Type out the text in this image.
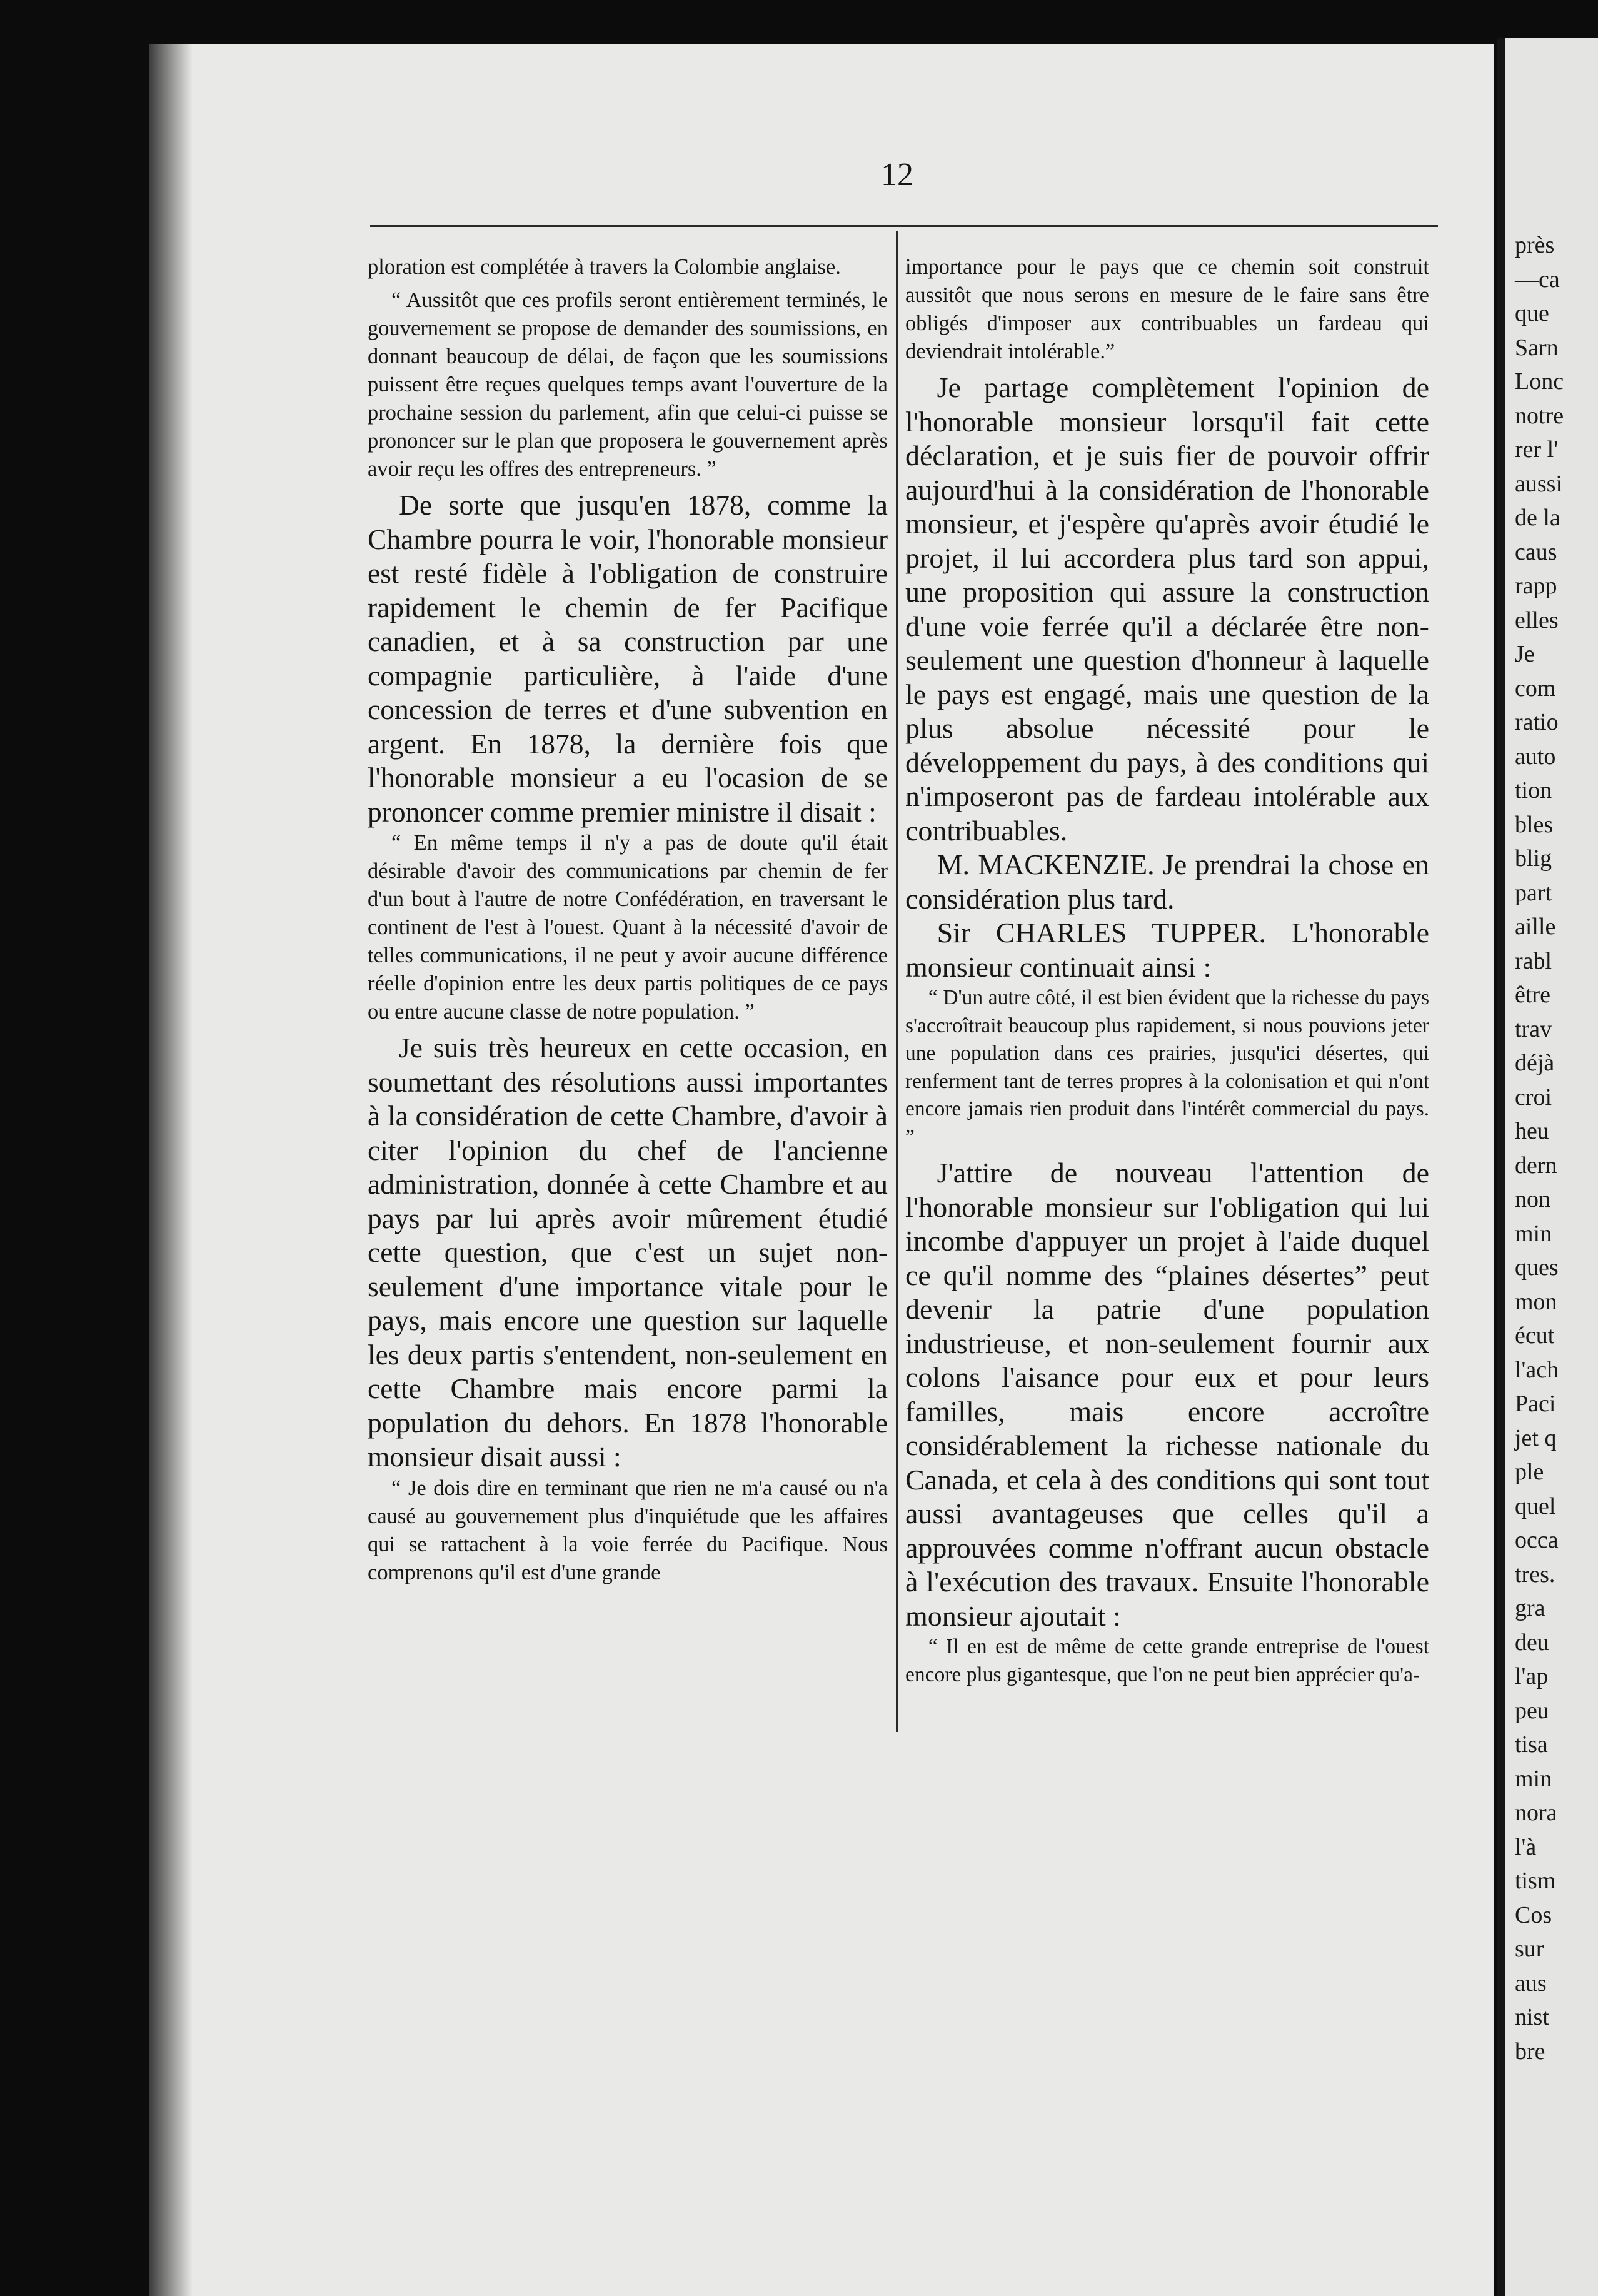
près
—ca
que
Sarn
Lonc
notre
rer l'
aussi
de la
caus
rapp
elles
Je
com
ratio
auto
tion
bles
blig
part
aille
rabl
être
trav
déjà
croi
heu
dern
non
min
ques
mon
écut
l'ach
Paci
jet q
ple
quel
occa
tres.
gra
deu
l'ap
peu
tisa
min
nora
l'à
tism
Cos
sur
aus
nist
bre
12

ploration est complétée à travers la Colombie anglaise.

“ Aussitôt que ces profils seront entièrement terminés, le gouvernement se propose de demander des soumissions, en donnant beaucoup de délai, de façon que les soumissions puissent être reçues quelques temps avant l'ouverture de la prochaine session du parlement, afin que celui-ci puisse se prononcer sur le plan que proposera le gouvernement après avoir reçu les offres des entrepreneurs. ”

De sorte que jusqu'en 1878, comme la Chambre pourra le voir, l'honorable monsieur est resté fidèle à l'obligation de construire rapidement le chemin de fer Pacifique canadien, et à sa construction par une compagnie particulière, à l'aide d'une concession de terres et d'une subvention en argent. En 1878, la dernière fois que l'honorable monsieur a eu l'ocasion de se prononcer comme premier ministre il disait :

“ En même temps il n'y a pas de doute qu'il était désirable d'avoir des communications par chemin de fer d'un bout à l'autre de notre Confédération, en traversant le continent de l'est à l'ouest. Quant à la nécessité d'avoir de telles communications, il ne peut y avoir aucune différence réelle d'opinion entre les deux partis politiques de ce pays ou entre aucune classe de notre population. ”

Je suis très heureux en cette occasion, en soumettant des résolutions aussi importantes à la considération de cette Chambre, d'avoir à citer l'opinion du chef de l'ancienne administration, donnée à cette Chambre et au pays par lui après avoir mûrement étudié cette question, que c'est un sujet non-seulement d'une importance vitale pour le pays, mais encore une question sur laquelle les deux partis s'entendent, non-seulement en cette Chambre mais encore parmi la population du dehors. En 1878 l'honorable monsieur disait aussi :

“ Je dois dire en terminant que rien ne m'a causé ou n'a causé au gouvernement plus d'inquiétude que les affaires qui se rattachent à la voie ferrée du Pacifique. Nous comprenons qu'il est d'une grande

importance pour le pays que ce chemin soit construit aussitôt que nous serons en mesure de le faire sans être obligés d'imposer aux contribuables un fardeau qui deviendrait intolérable.”

Je partage complètement l'opinion de l'honorable monsieur lorsqu'il fait cette déclaration, et je suis fier de pouvoir offrir aujourd'hui à la considération de l'honorable monsieur, et j'espère qu'après avoir étudié le projet, il lui accordera plus tard son appui, une proposition qui assure la construction d'une voie ferrée qu'il a déclarée être non-seulement une question d'honneur à laquelle le pays est engagé, mais une question de la plus absolue nécessité pour le développement du pays, à des conditions qui n'imposeront pas de fardeau intolérable aux contribuables.

M. MACKENZIE. Je prendrai la chose en considération plus tard.

Sir CHARLES TUPPER. L'honorable monsieur continuait ainsi :

“ D'un autre côté, il est bien évident que la richesse du pays s'accroîtrait beaucoup plus rapidement, si nous pouvions jeter une population dans ces prairies, jusqu'ici désertes, qui renferment tant de terres propres à la colonisation et qui n'ont encore jamais rien produit dans l'intérêt commercial du pays. ”

J'attire de nouveau l'attention de l'honorable monsieur sur l'obligation qui lui incombe d'appuyer un projet à l'aide duquel ce qu'il nomme des “plaines désertes” peut devenir la patrie d'une population industrieuse, et non-seulement fournir aux colons l'aisance pour eux et pour leurs familles, mais encore accroître considérablement la richesse nationale du Canada, et cela à des conditions qui sont tout aussi avantageuses que celles qu'il a approuvées comme n'offrant aucun obstacle à l'exécution des travaux. Ensuite l'honorable monsieur ajoutait :

“ Il en est de même de cette grande entreprise de l'ouest encore plus gigantesque, que l'on ne peut bien apprécier qu'a-
